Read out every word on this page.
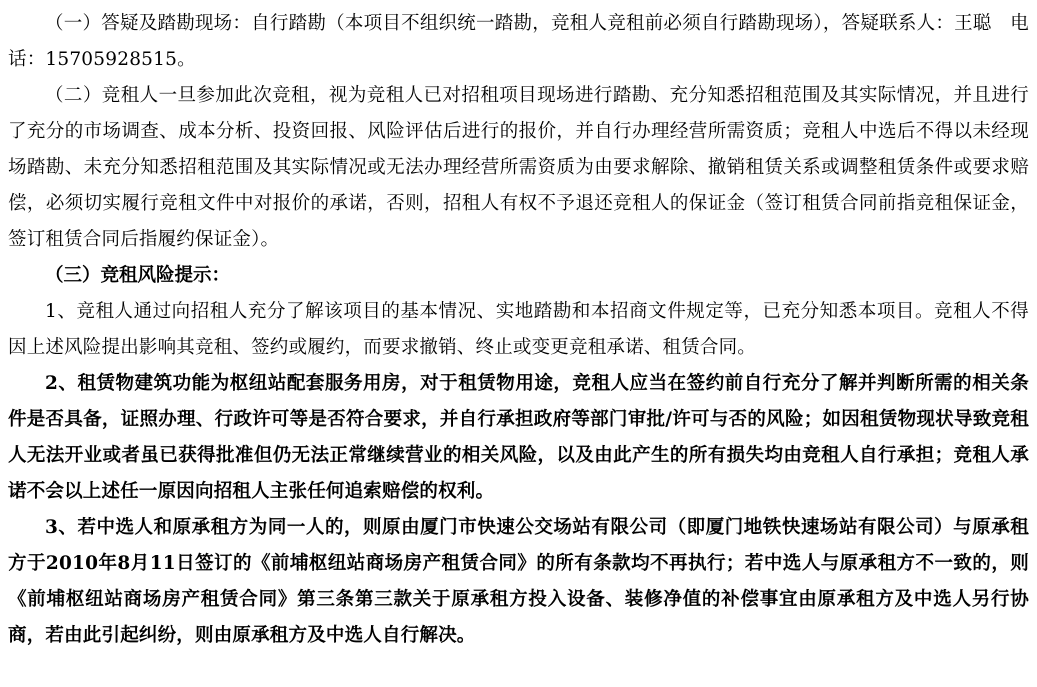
（一）答疑及踏勘现场：自行踏勘（本项目不组织统一踏勘，竞租人竞租前必须自行踏勘现场），答疑联系人：王聪　电话：15705928515。

（二）竞租人一旦参加此次竞租，视为竞租人已对招租项目现场进行踏勘、充分知悉招租范围及其实际情况，并且进行了充分的市场调查、成本分析、投资回报、风险评估后进行的报价，并自行办理经营所需资质；竞租人中选后不得以未经现场踏勘、未充分知悉招租范围及其实际情况或无法办理经营所需资质为由要求解除、撤销租赁关系或调整租赁条件或要求赔偿，必须切实履行竞租文件中对报价的承诺，否则，招租人有权不予退还竞租人的保证金（签订租赁合同前指竞租保证金，签订租赁合同后指履约保证金）。

（三）竞租风险提示：

1、竞租人通过向招租人充分了解该项目的基本情况、实地踏勘和本招商文件规定等，已充分知悉本项目。竞租人不得因上述风险提出影响其竞租、签约或履约，而要求撤销、终止或变更竞租承诺、租赁合同。

2、租赁物建筑功能为枢纽站配套服务用房，对于租赁物用途，竞租人应当在签约前自行充分了解并判断所需的相关条件是否具备，证照办理、行政许可等是否符合要求，并自行承担政府等部门审批/许可与否的风险；如因租赁物现状导致竞租人无法开业或者虽已获得批准但仍无法正常继续营业的相关风险，以及由此产生的所有损失均由竞租人自行承担；竞租人承诺不会以上述任一原因向招租人主张任何追索赔偿的权利。

3、若中选人和原承租方为同一人的，则原由厦门市快速公交场站有限公司（即厦门地铁快速场站有限公司）与原承租方于2010年8月11日签订的《前埔枢纽站商场房产租赁合同》的所有条款均不再执行；若中选人与原承租方不一致的，则《前埔枢纽站商场房产租赁合同》第三条第三款关于原承租方投入设备、装修净值的补偿事宜由原承租方及中选人另行协商，若由此引起纠纷，则由原承租方及中选人自行解决。
